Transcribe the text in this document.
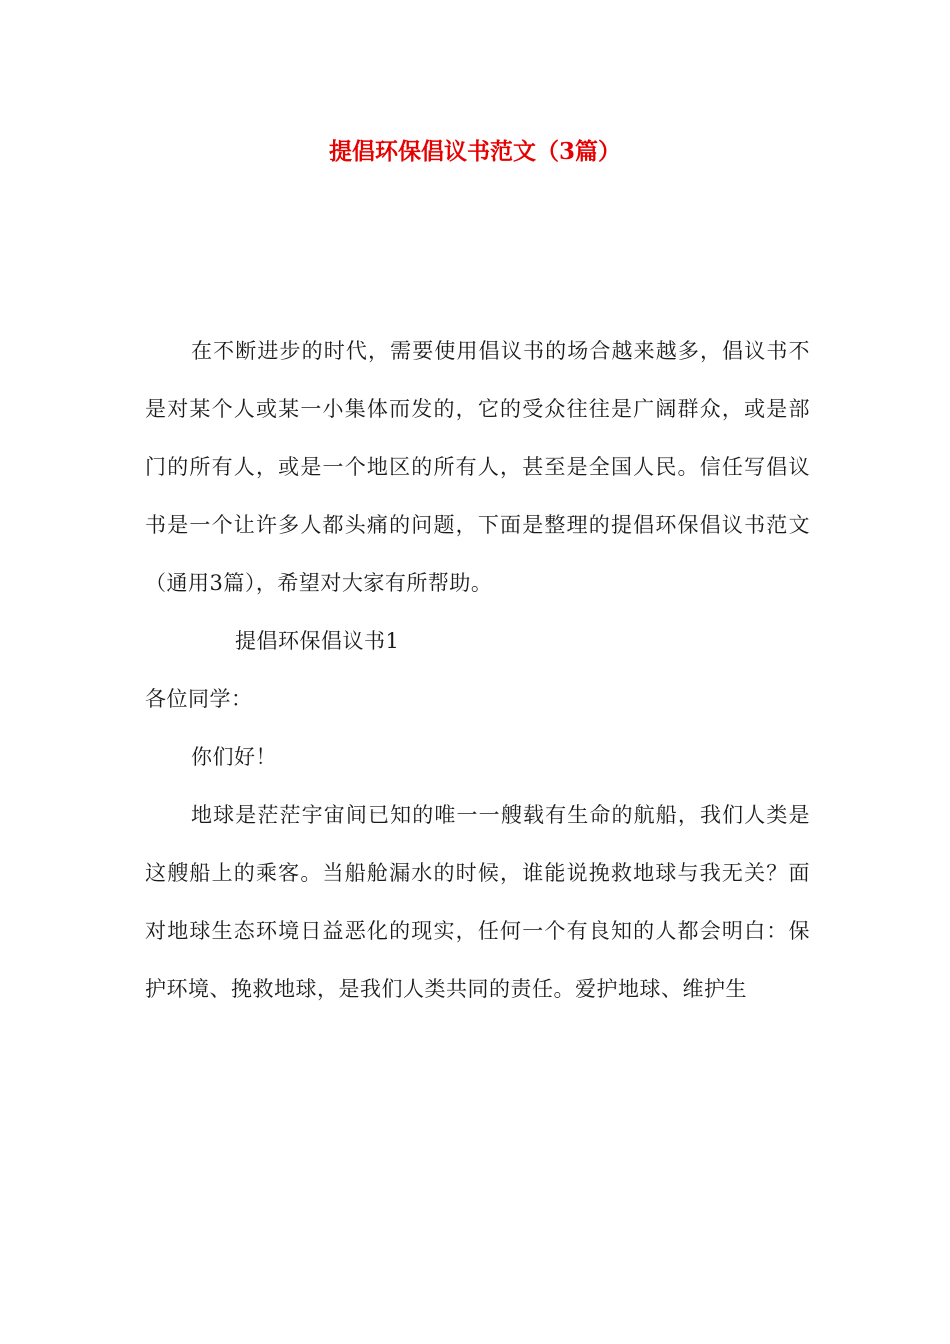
提倡环保倡议书范文（3篇）

在不断进步的时代，需要使用倡议书的场合越来越多，倡议书不是对某个人或某一小集体而发的，它的受众往往是广阔群众，或是部门的所有人，或是一个地区的所有人，甚至是全国人民。信任写倡议书是一个让许多人都头痛的问题，下面是整理的提倡环保倡议书范文（通用3篇），希望对大家有所帮助。

提倡环保倡议书1

各位同学：

你们好！

地球是茫茫宇宙间已知的唯一一艘载有生命的航船，我们人类是这艘船上的乘客。当船舱漏水的时候，谁能说挽救地球与我无关？面对地球生态环境日益恶化的现实，任何一个有良知的人都会明白：保护环境、挽救地球，是我们人类共同的责任。爱护地球、维护生
